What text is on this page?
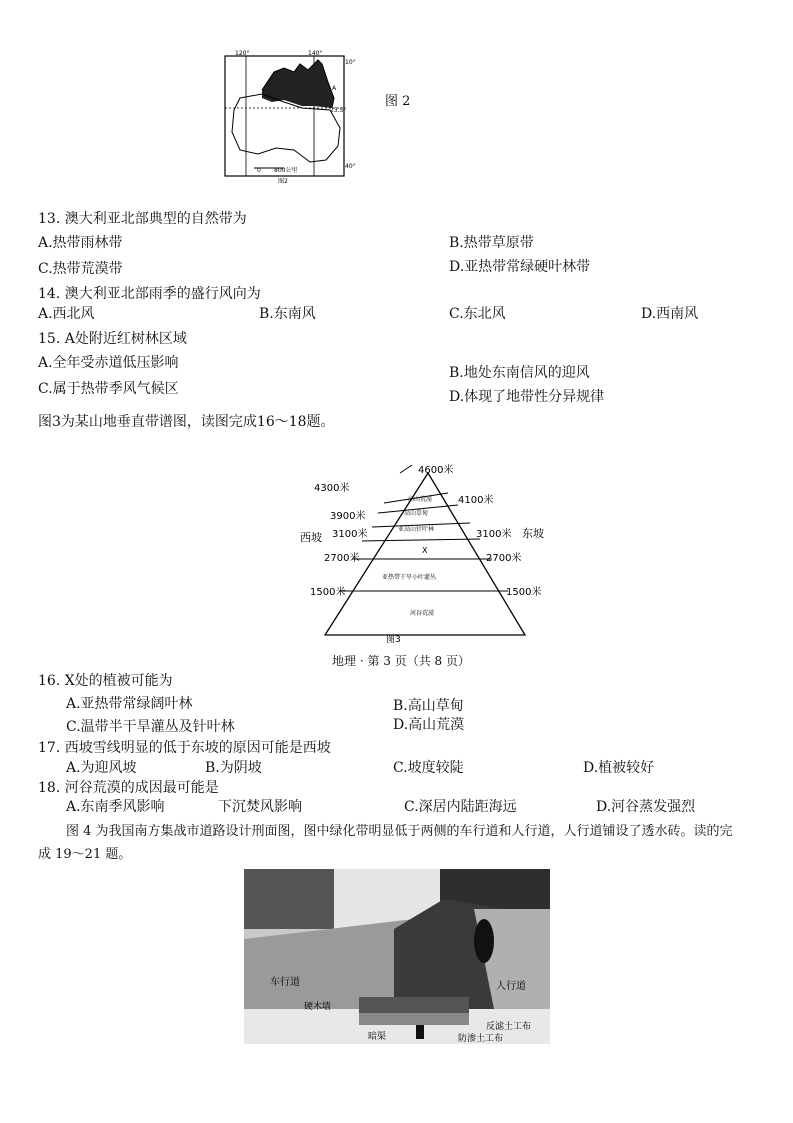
120°	140°
10°
23.5°
40°
0 800公里
A
图2
图 2
13. 澳大利亚北部典型的自然带为
A.热带雨林带	B.热带草原带
C.热带荒漠带	D.亚热带常绿硬叶林带
14. 澳大利亚北部雨季的盛行风向为
A.西北风	B.东南风	C.东北风	D.西南风
15. A处附近红树林区域
A.全年受赤道低压影响
B.地处东南信风的迎风
C.属于热带季风气候区	D.体现了地带性分异规律
图3为某山地垂直带谱图，读图完成16～18题。
4600米
4300米
4100米
3900米
3100米	3100米
西坡	东坡
2700米	2700米
1500米	1500米
高山荒漠
高山草甸
亚高山针叶林
X
亚热带干旱小叶灌丛
河谷荒漠
图3
地理 · 第 3 页（共 8 页）
16. X处的植被可能为
A.亚热带常绿阔叶林	B.高山草甸
C.温带半干旱灌丛及针叶林	D.高山荒漠
17. 西坡雪线明显的低于东坡的原因可能是西坡
A.为迎风坡	B.为阴坡	C.坡度较陡	D.植被较好
18. 河谷荒漠的成因最可能是
A.东南季风影响	下沉焚风影响	C.深居内陆距海远	D.河谷蒸发强烈
图 4 为我国南方集战市道路设计刑面图，图中绿化带明显低于两侧的车行道和人行道，人行道铺设了透水砖。读的完
成 19～21 题。
车行道	人行道
硬木墙
暗渠
反滤土工布
防渗土工布
